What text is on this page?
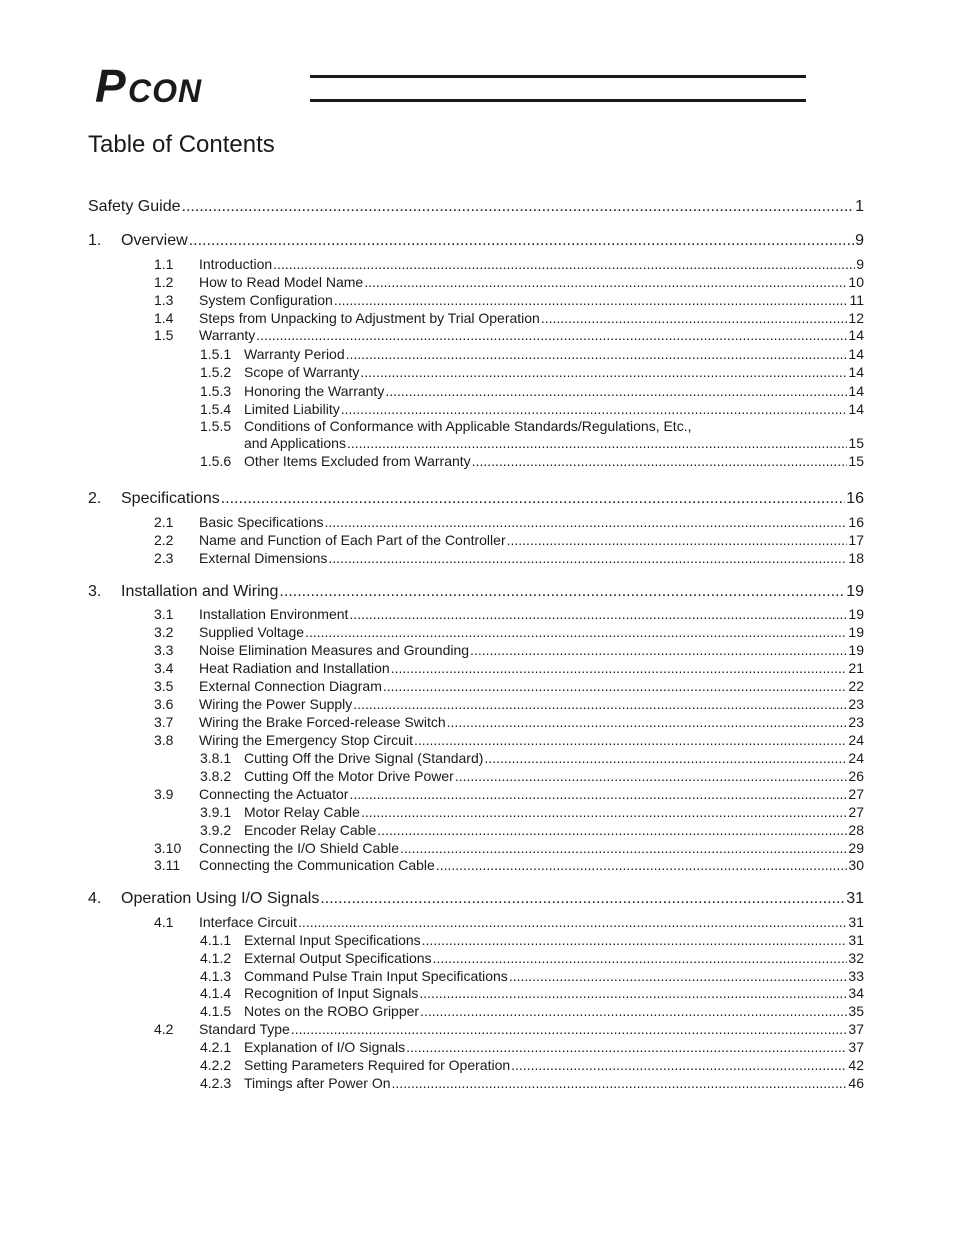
P CON
Table of Contents
Safety Guide .....	1
1.	Overview .....	9
1.1	Introduction .....	9
1.2	How to Read Model Name .....	10
1.3	System Configuration .....	11
1.4	Steps from Unpacking to Adjustment by Trial Operation .....	12
1.5	Warranty .....	14
1.5.1 Warranty Period .....	14
1.5.2 Scope of Warranty .....	14
1.5.3 Honoring the Warranty .....	14
1.5.4 Limited Liability .....	14
1.5.5 Conditions of Conformance with Applicable Standards/Regulations, Etc.,
and Applications .....	15
1.5.6 Other Items Excluded from Warranty .....	15
2.	Specifications .....	16
2.1	Basic Specifications .....	16
2.2	Name and Function of Each Part of the Controller .....	17
2.3	External Dimensions .....	18
3.	Installation and Wiring .....	19
3.1	Installation Environment .....	19
3.2	Supplied Voltage .....	19
3.3	Noise Elimination Measures and Grounding .....	19
3.4	Heat Radiation and Installation .....	21
3.5	External Connection Diagram .....	22
3.6	Wiring the Power Supply .....	23
3.7	Wiring the Brake Forced-release Switch .....	23
3.8	Wiring the Emergency Stop Circuit .....	24
3.8.1 Cutting Off the Drive Signal (Standard) .....	24
3.8.2 Cutting Off the Motor Drive Power .....	26
3.9	Connecting the Actuator .....	27
3.9.1 Motor Relay Cable .....	27
3.9.2 Encoder Relay Cable .....	28
3.10	Connecting the I/O Shield Cable .....	29
3.11	Connecting the Communication Cable .....	30
4.	Operation Using I/O Signals .....	31
4.1	Interface Circuit .....	31
4.1.1 External Input Specifications .....	31
4.1.2 External Output Specifications .....	32
4.1.3 Command Pulse Train Input Specifications .....	33
4.1.4 Recognition of Input Signals .....	34
4.1.5 Notes on the ROBO Gripper .....	35
4.2	Standard Type .....	37
4.2.1 Explanation of I/O Signals .....	37
4.2.2 Setting Parameters Required for Operation .....	42
4.2.3 Timings after Power On .....	46
